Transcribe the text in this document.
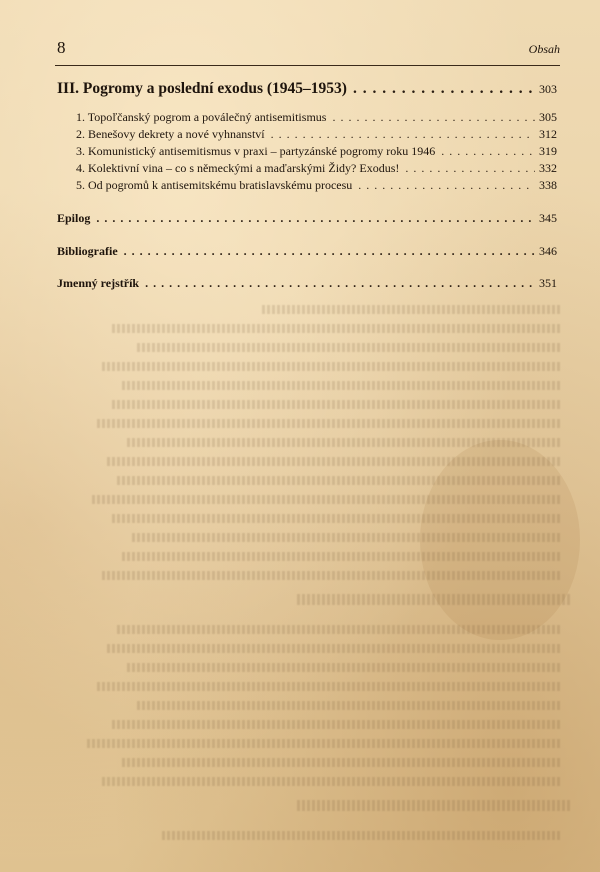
8	Obsah
III. Pogromy a poslední exodus (1945–1953) . . .	303
1. Topoľčanský pogrom a poválečný antisemitismus . . .	305
2. Benešovy dekrety a nové vyhnanství . . .	312
3. Komunistický antisemitismus v praxi – partyzánské pogromy roku 1946 . . .	319
4. Kolektivní vina – co s německými a maďarskými Židy? Exodus! . . .	332
5. Od pogromů k antisemitskému bratislavskému procesu . . .	338
Epilog . . .	345
Bibliografie . . .	346
Jmenný rejstřík . . .	351
